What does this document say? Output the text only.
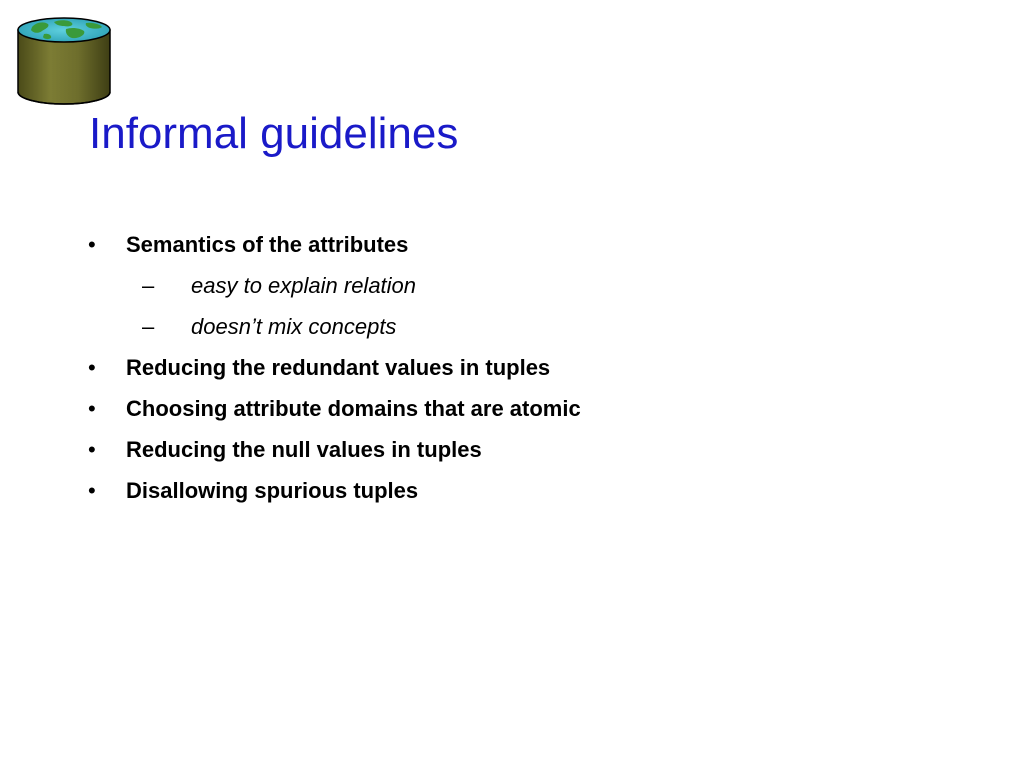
Informal guidelines
• Semantics of the attributes
– easy to explain relation
– doesn’t mix concepts
• Reducing the redundant values in tuples
• Choosing attribute domains that are atomic
• Reducing the null values in tuples
• Disallowing spurious tuples
